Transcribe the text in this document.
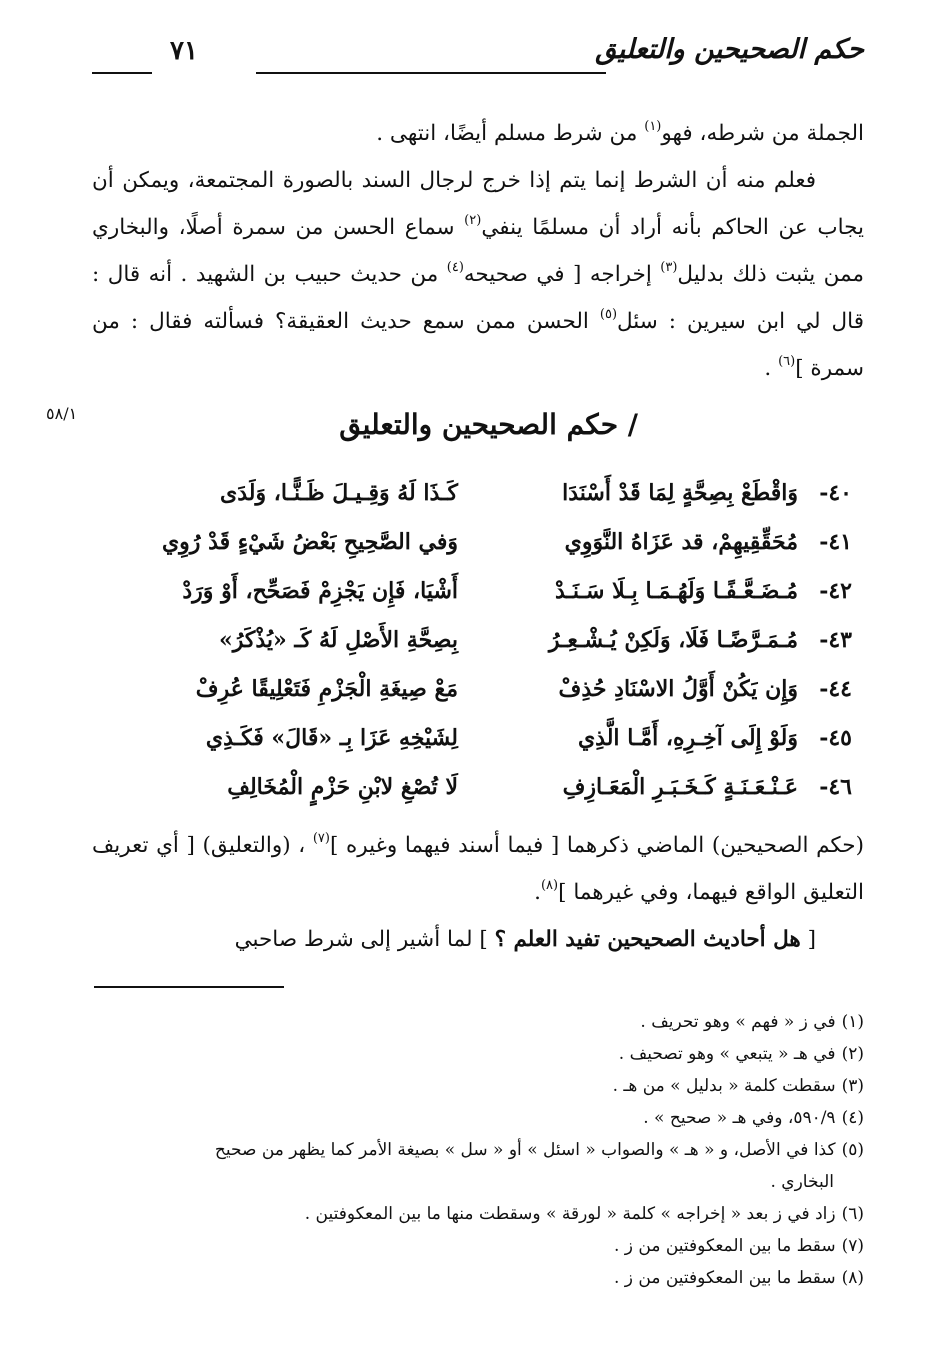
حكم الصحيحين والتعليق
٧١

الجملة من شرطه، فهو$^{(١)}$ من شرط مسلم أيضًا، انتهى .

فعلم منه أن الشرط إنما يتم إذا خرج لرجال السند بالصورة المجتمعة، ويمكن أن يجاب عن الحاكم بأنه أراد أن مسلمًا ينفي$^{(٢)}$ سماع الحسن من سمرة أصلًا، والبخاري ممن يثبت ذلك بدليل$^{(٣)}$ إخراجه [ في صحيحه$^{(٤)}$ من حديث حبيب بن الشهيد . أنه قال : قال لي ابن سيرين : سئل$^{(٥)}$ الحسن ممن سمع حديث العقيقة؟ فسألته فقال : من سمرة ]$^{(٦)}$ .

٥٨/١	/ حكم الصحيحين والتعليق
٤٠-وَاقْطَعْ بِصِحَّةٍ لِمَا قَدْ أَسْنَدَا
كَـذَا لَهُ وَقِـيـلَ ظَـنًّـا، وَلَدَى
٤١-مُحَقِّقِيهِمْ، قد عَزَاهُ النَّوَوِي
وَفي الصَّحِيحِ بَعْضُ شَيْءٍ قَدْ رُوِي
٤٢-مُـضَـعَّـفًـا وَلَهُـمَـا بِـلَا سَـنَـدْ
أَشْيَا، فَإِن يَجْزِمْ فَصَحِّح، أَوْ وَرَدْ
٤٣-مُـمَـرَّضًـا فَلَا، وَلَكِنْ يُـشْـعِـرُ
بِصِحَّةِ الأَصْلِ لَهُ كَـ «يُذْكَرُ»
٤٤-وَإِن يَكُنْ أَوَّلُ الاسْنَادِ حُذِفْ
مَعْ صِيغَةِ الْجَزْمِ فَتَعْلِيقًا عُرِفْ
٤٥-وَلَوْ إِلَى آخِـرِهِ، أَمَّـا الَّذِي
لِشَيْخِهِ عَزَا بِـ «قَالَ» فَكَـذِي
٤٦-عَـنْـعَـنَـةٍ كَـخَـبَـرِ الْمَعَـازِفِ
لَا تُصْغِ لابْنِ حَزْمٍ الْمُخَالِفِ

(حكم الصحيحين) الماضي ذكرهما [ فيما أسند فيهما وغيره ]$^{(٧)}$ ، (والتعليق) [ أي تعريف التعليق الواقع فيهما، وفي غيرهما ]$^{(٨)}$.

[ هل أحاديث الصحيحين تفيد العلم ؟ ] لما أشير إلى شرط صاحبي

(١)في ز « فهم » وهو تحريف .
(٢)في هـ « يتبعي » وهو تصحيف .
(٣)سقطت كلمة « بدليل » من هـ .
(٤)٥٩٠/٩، وفي هـ « صحيح » .
(٥)كذا في الأصل، و « هـ » والصواب « اسئل » أو « سل » بصيغة الأمر كما يظهر من صحيح
البخاري .
(٦)زاد في ز بعد « إخراجه » كلمة « لورقة » وسقطت منها ما بين المعكوفتين .
(٧)سقط ما بين المعكوفتين من ز .
(٨)سقط ما بين المعكوفتين من ز .
